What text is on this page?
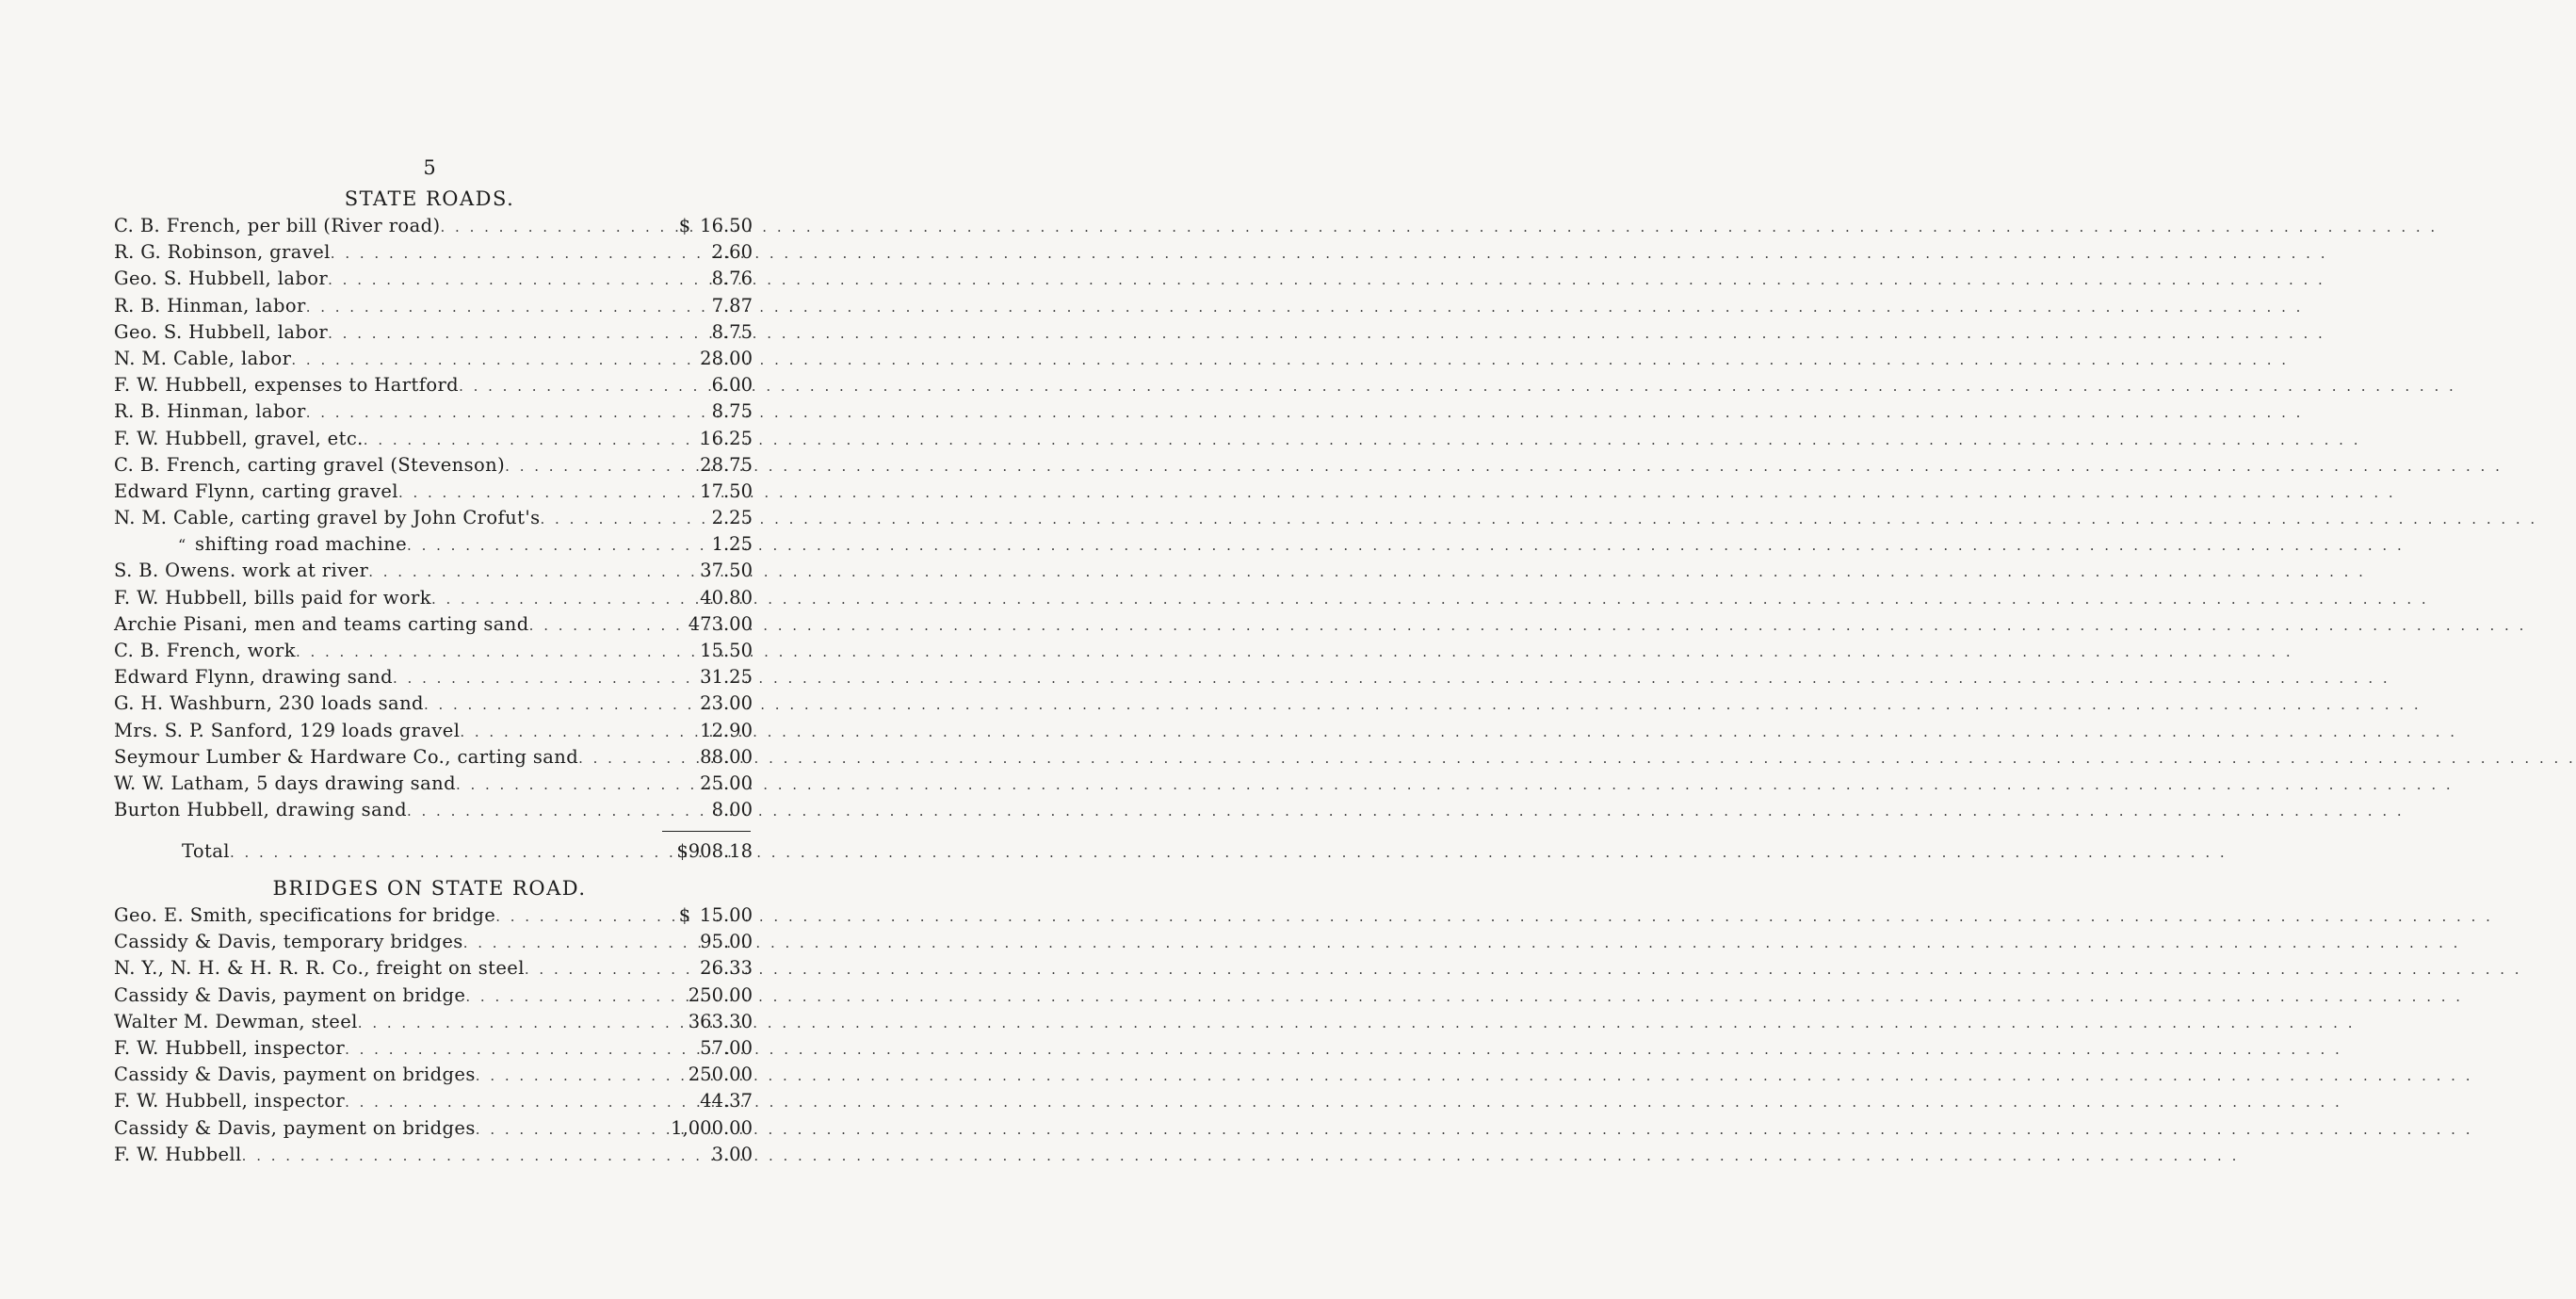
5
STATE ROADS.
C. B. French, per bill (River road) . . .	$ 16.50
R. G. Robinson, gravel . . .	2.60
Geo. S. Hubbell, labor . . .	8.76
R. B. Hinman, labor . . .	7.87
Geo. S. Hubbell, labor . . .	8.75
N. M. Cable, labor . . .	28.00
F. W. Hubbell, expenses to Hartford . . .	6.00
R. B. Hinman, labor . . .	8.75
F. W. Hubbell, gravel, etc. . . .	16.25
C. B. French, carting gravel (Stevenson) . . .	28.75
Edward Flynn, carting gravel . . .	17.50
N. M. Cable, carting gravel by John Crofut's . . .	2.25
“ shifting road machine . . .	1.25
S. B. Owens. work at river . . .	37.50
F. W. Hubbell, bills paid for work . . .	40.80
Archie Pisani, men and teams carting sand . . .	473.00
C. B. French, work . . .	15.50
Edward Flynn, drawing sand . . .	31.25
G. H. Washburn, 230 loads sand . . .	23.00
Mrs. S. P. Sanford, 129 loads gravel . . .	12.90
Seymour Lumber & Hardware Co., carting sand . . .	88.00
W. W. Latham, 5 days drawing sand . . .	25.00
Burton Hubbell, drawing sand . . .	8.00
Total . . .	$908.18
BRIDGES ON STATE ROAD.
Geo. E. Smith, specifications for bridge . . .	$ 15.00
Cassidy & Davis, temporary bridges . . .	95.00
N. Y., N. H. & H. R. R. Co., freight on steel . . .	26.33
Cassidy & Davis, payment on bridge . . .	250.00
Walter M. Dewman, steel . . .	363.30
F. W. Hubbell, inspector . . .	57.00
Cassidy & Davis, payment on bridges . . .	250.00
F. W. Hubbell, inspector . . .	44.37
Cassidy & Davis, payment on bridges . . .	1,000.00
F. W. Hubbell . . .	3.00
